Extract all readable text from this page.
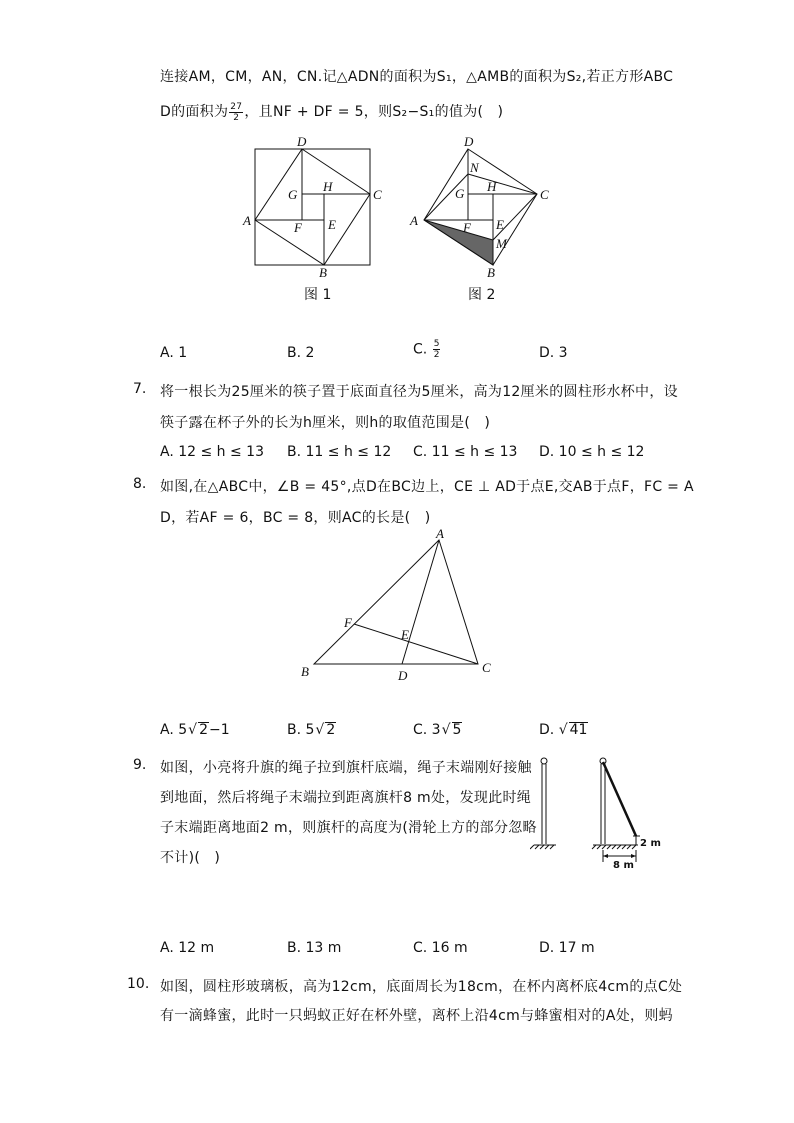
连接AM，CM，AN，CN.记△ADN的面积为S₁，△AMB的面积为S₂,若正方形ABC
D的面积为 $\frac{27}{2}$ ，且NF + DF = 5，则S₂−S₁的值为(　)
D
G
H
C
A	F E
B
图 1
D
N
G H
C
A	F E
M
B
图 2
A. 1	B. 2	C. $\frac{5}{2}$	D. 3
7. 将一根长为25厘米的筷子置于底面直径为5厘米，高为12厘米的圆柱形水杯中，设
筷子露在杯子外的长为h厘米，则h的取值范围是(　)
A. 12 ≤ h ≤ 13 B. 11 ≤ h ≤ 12 C. 11 ≤ h ≤ 13 D. 10 ≤ h ≤ 12
8. 如图,在△ABC中，∠B = 45°,点D在BC边上，CE ⊥ AD于点E,交AB于点F，FC = A
D，若AF = 6，BC = 8，则AC的长是(　)
A
F
E
B	D
C
A. 5√ 2−1	B. 5√ 2	C. 3√ 5	D. √ 41
9. 如图，小亮将升旗的绳子拉到旗杆底端，绳子末端刚好接触
到地面，然后将绳子末端拉到距离旗杆8 m处，发现此时绳
子末端距离地面2 m，则旗杆的高度为(滑轮上方的部分忽略
不计)(　)
2 m
8 m
A. 12 m	B. 13 m	C. 16 m	D. 17 m
10. 如图，圆柱形玻璃板，高为12cm，底面周长为18cm，在杯内离杯底4cm的点C处
有一滴蜂蜜，此时一只蚂蚁正好在杯外壁，离杯上沿4cm与蜂蜜相对的A处，则蚂
